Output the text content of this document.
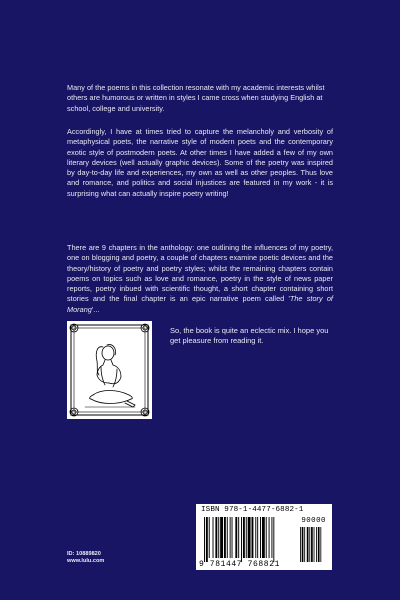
Many of the poems in this collection resonate with my academic interests whilst others are humorous or written in styles I came cross when studying English at school, college and university.
Accordingly, I have at times tried to capture the melancholy and verbosity of metaphysical poets, the narrative style of modern poets and the contemporary exotic style of postmodern poets. At other times I have added a few of my own literary devices (well actually graphic devices). Some of the poetry was inspired by day-to-day life and experiences, my own as well as other peoples. Thus love and romance, and politics and social injustices are featured in my work - it is surprising what can actually inspire poetry writing!
There are 9 chapters in the anthology: one outlining the influences of my poetry, one on blogging and poetry, a couple of chapters examine poetic devices and the theory/history of poetry and poetry styles; whilst the remaining chapters contain poems on topics such as love and romance, poetry in the style of news paper reports, poetry inbued with scientific thought, a short chapter containing short stories and the final chapter is an epic narrative poem called 'The story of Morang'...
So, the book is quite an eclectic mix. I hope you get pleasure from reading it.
ID: 10889820
www.lulu.com
ISBN 978-1-4477-6882-1
90000
9 781447 768821
